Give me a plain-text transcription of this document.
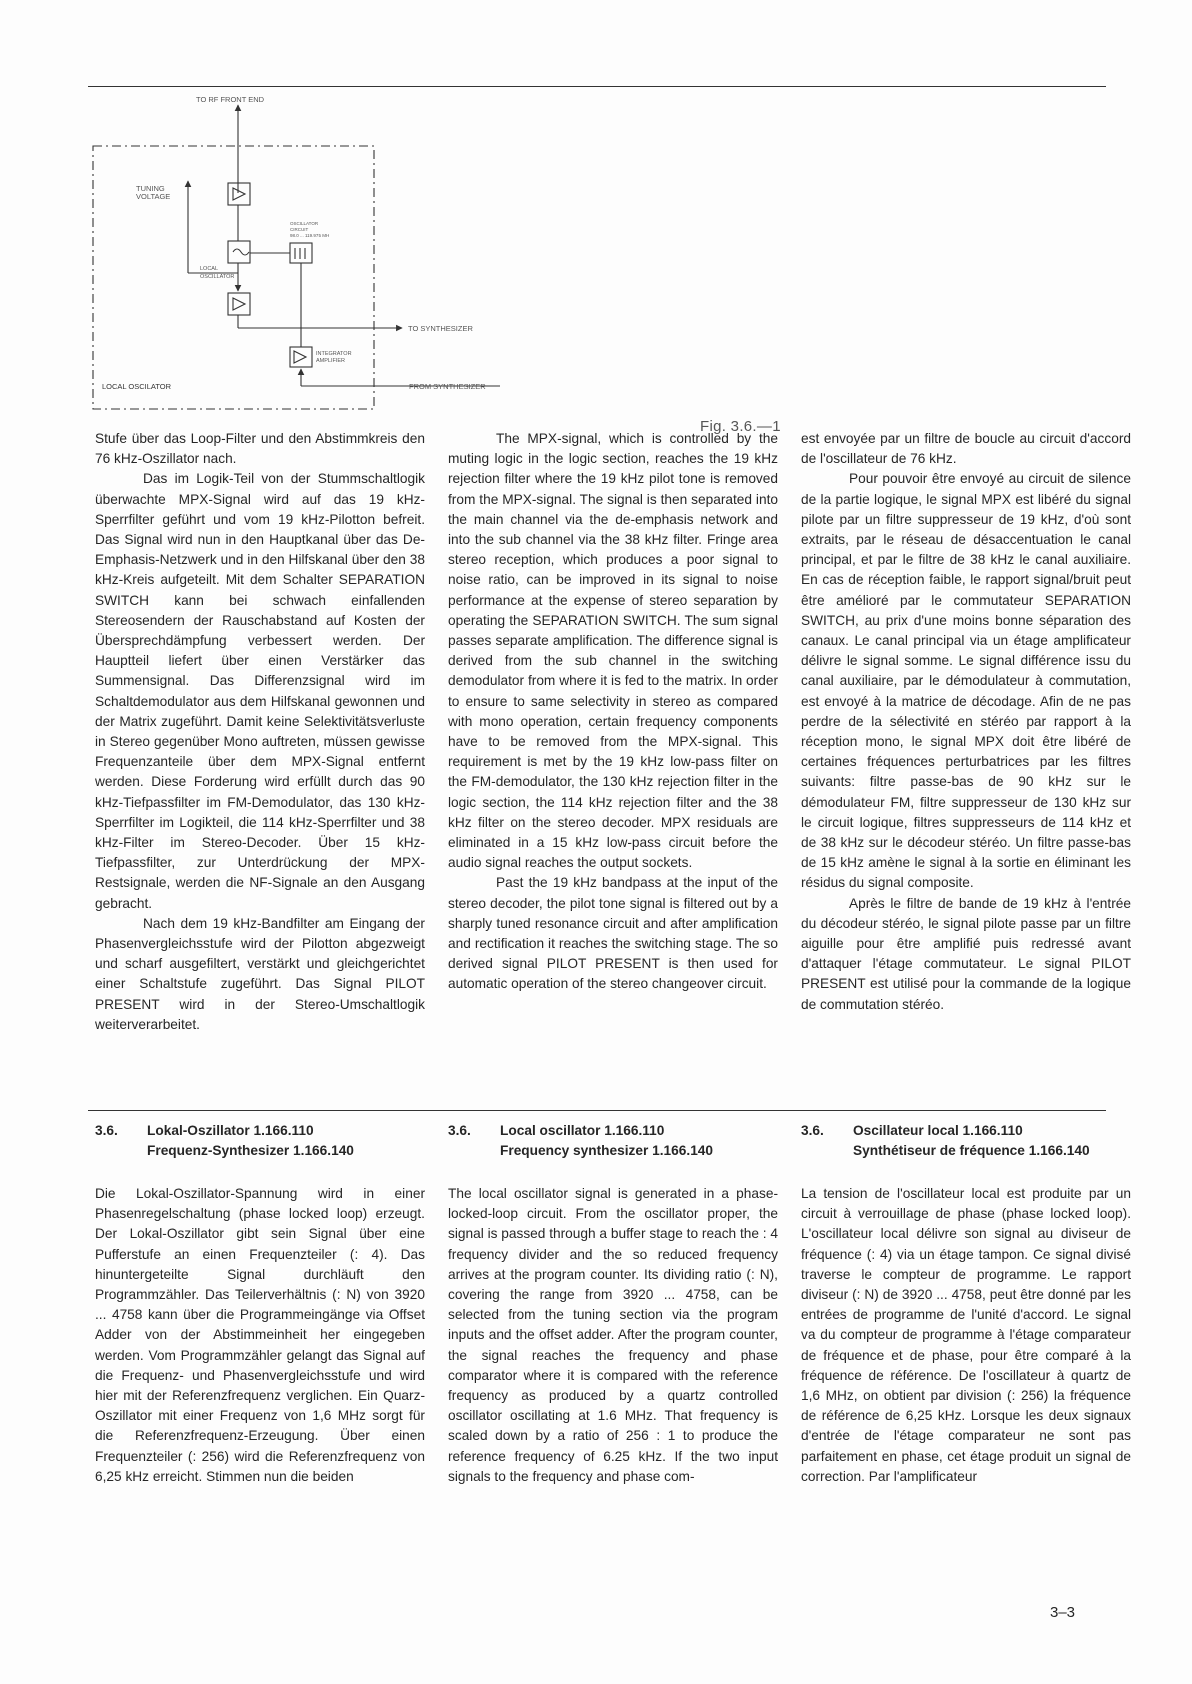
TO RF FRONT END
TUNING
VOLTAGE
OSCILLATOR
CIRCUIT
98.0 ... 119.975 MH
LOCAL
OSCILLATOR
TO SYNTHESIZER
INTEGRATOR
AMPLIFIER
FROM SYNTHESIZER
LOCAL OSCILATOR
Fig. 3.6.—1

Stufe über das Loop-Filter und den Abstimmkreis den 76 kHz-Oszillator nach.

Das im Logik-Teil von der Stummschaltlogik überwachte MPX-Signal wird auf das 19 kHz-Sperrfilter geführt und vom 19 kHz-Pilotton befreit. Das Signal wird nun in den Hauptkanal über das De-Emphasis-Netzwerk und in den Hilfskanal über den 38 kHz-Kreis aufgeteilt. Mit dem Schalter SEPARATION SWITCH kann bei schwach einfallenden Stereosendern der Rauschabstand auf Kosten der Übersprechdämpfung verbessert werden. Der Hauptteil liefert über einen Verstärker das Summensignal. Das Differenzsignal wird im Schaltdemodulator aus dem Hilfskanal gewonnen und der Matrix zugeführt. Damit keine Selektivitätsverluste in Stereo gegenüber Mono auftreten, müssen gewisse Frequenzanteile über dem MPX-Signal entfernt werden. Diese Forderung wird erfüllt durch das 90 kHz-Tiefpassfilter im FM-Demodulator, das 130 kHz-Sperrfilter im Logikteil, die 114 kHz-Sperrfilter und 38 kHz-Filter im Stereo-Decoder. Über 15 kHz-Tiefpassfilter, zur Unterdrückung der MPX-Restsignale, werden die NF-Signale an den Ausgang gebracht.

Nach dem 19 kHz-Bandfilter am Eingang der Phasenvergleichsstufe wird der Pilotton abgezweigt und scharf ausgefiltert, verstärkt und gleichgerichtet einer Schaltstufe zugeführt. Das Signal PILOT PRESENT wird in der Stereo-Umschaltlogik weiterverarbeitet.

The MPX-signal, which is controlled by the muting logic in the logic section, reaches the 19 kHz rejection filter where the 19 kHz pilot tone is removed from the MPX-signal. The signal is then separated into the main channel via the de-emphasis network and into the sub channel via the 38 kHz filter. Fringe area stereo reception, which produces a poor signal to noise ratio, can be improved in its signal to noise performance at the expense of stereo separation by operating the SEPARATION SWITCH. The sum signal passes separate amplification. The difference signal is derived from the sub channel in the switching demodulator from where it is fed to the matrix. In order to ensure to same selectivity in stereo as compared with mono operation, certain frequency components have to be removed from the MPX-signal. This requirement is met by the 19 kHz low-pass filter on the FM-demodulator, the 130 kHz rejection filter in the logic section, the 114 kHz rejection filter and the 38 kHz filter on the stereo decoder. MPX residuals are eliminated in a 15 kHz low-pass circuit before the audio signal reaches the output sockets.

Past the 19 kHz bandpass at the input of the stereo decoder, the pilot tone signal is filtered out by a sharply tuned resonance circuit and after amplification and rectification it reaches the switching stage. The so derived signal PILOT PRESENT is then used for automatic operation of the stereo changeover circuit.

est envoyée par un filtre de boucle au circuit d'accord de l'oscillateur de 76 kHz.

Pour pouvoir être envoyé au circuit de silence de la partie logique, le signal MPX est libéré du signal pilote par un filtre suppresseur de 19 kHz, d'où sont extraits, par le réseau de désaccentuation le canal principal, et par le filtre de 38 kHz le canal auxiliaire. En cas de réception faible, le rapport signal/bruit peut être amélioré par le commutateur SEPARATION SWITCH, au prix d'une moins bonne séparation des canaux. Le canal principal via un étage amplificateur délivre le signal somme. Le signal différence issu du canal auxiliaire, par le démodulateur à commutation, est envoyé à la matrice de décodage. Afin de ne pas perdre de la sélectivité en stéréo par rapport à la réception mono, le signal MPX doit être libéré de certaines fréquences perturbatrices par les filtres suivants: filtre passe-bas de 90 kHz sur le démodulateur FM, filtre suppresseur de 130 kHz sur le circuit logique, filtres suppresseurs de 114 kHz et de 38 kHz sur le décodeur stéréo. Un filtre passe-bas de 15 kHz amène le signal à la sortie en éliminant les résidus du signal composite.

Après le filtre de bande de 19 kHz à l'entrée du décodeur stéréo, le signal pilote passe par un filtre aiguille pour être amplifié puis redressé avant d'attaquer l'étage commutateur. Le signal PILOT PRESENT est utilisé pour la commande de la logique de commutation stéréo.

3.6. Lokal-Oszillator 1.166.110
Frequenz-Synthesizer 1.166.140
3.6. Local oscillator 1.166.110
Frequency synthesizer 1.166.140
3.6. Oscillateur local 1.166.110
Synthétiseur de fréquence 1.166.140

Die Lokal-Oszillator-Spannung wird in einer Phasenregelschaltung (phase locked loop) erzeugt. Der Lokal-Oszillator gibt sein Signal über eine Pufferstufe an einen Frequenzteiler (: 4). Das hinuntergeteilte Signal durchläuft den Programmzähler. Das Teilerverhältnis (: N) von 3920 ... 4758 kann über die Programmeingänge via Offset Adder von der Abstimmeinheit her eingegeben werden. Vom Programmzähler gelangt das Signal auf die Frequenz- und Phasenvergleichsstufe und wird hier mit der Referenzfrequenz verglichen. Ein Quarz-Oszillator mit einer Frequenz von 1,6 MHz sorgt für die Referenzfrequenz-Erzeugung. Über einen Frequenzteiler (: 256) wird die Referenzfrequenz von 6,25 kHz erreicht. Stimmen nun die beiden

The local oscillator signal is generated in a phase-locked-loop circuit. From the oscillator proper, the signal is passed through a buffer stage to reach the : 4 frequency divider and the so reduced frequency arrives at the program counter. Its dividing ratio (: N), covering the range from 3920 ... 4758, can be selected from the tuning section via the program inputs and the offset adder. After the program counter, the signal reaches the frequency and phase comparator where it is compared with the reference frequency as produced by a quartz controlled oscillator oscillating at 1.6 MHz. That frequency is scaled down by a ratio of 256 : 1 to produce the reference frequency of 6.25 kHz. If the two input signals to the frequency and phase com-

La tension de l'oscillateur local est produite par un circuit à verrouillage de phase (phase locked loop). L'oscillateur local délivre son signal au diviseur de fréquence (: 4) via un étage tampon. Ce signal divisé traverse le compteur de programme. Le rapport diviseur (: N) de 3920 ... 4758, peut être donné par les entrées de programme de l'unité d'accord. Le signal va du compteur de programme à l'étage comparateur de fréquence et de phase, pour être comparé à la fréquence de référence. De l'oscillateur à quartz de 1,6 MHz, on obtient par division (: 256) la fréquence de référence de 6,25 kHz. Lorsque les deux signaux d'entrée de l'étage comparateur ne sont pas parfaitement en phase, cet étage produit un signal de correction. Par l'amplificateur

3–3
